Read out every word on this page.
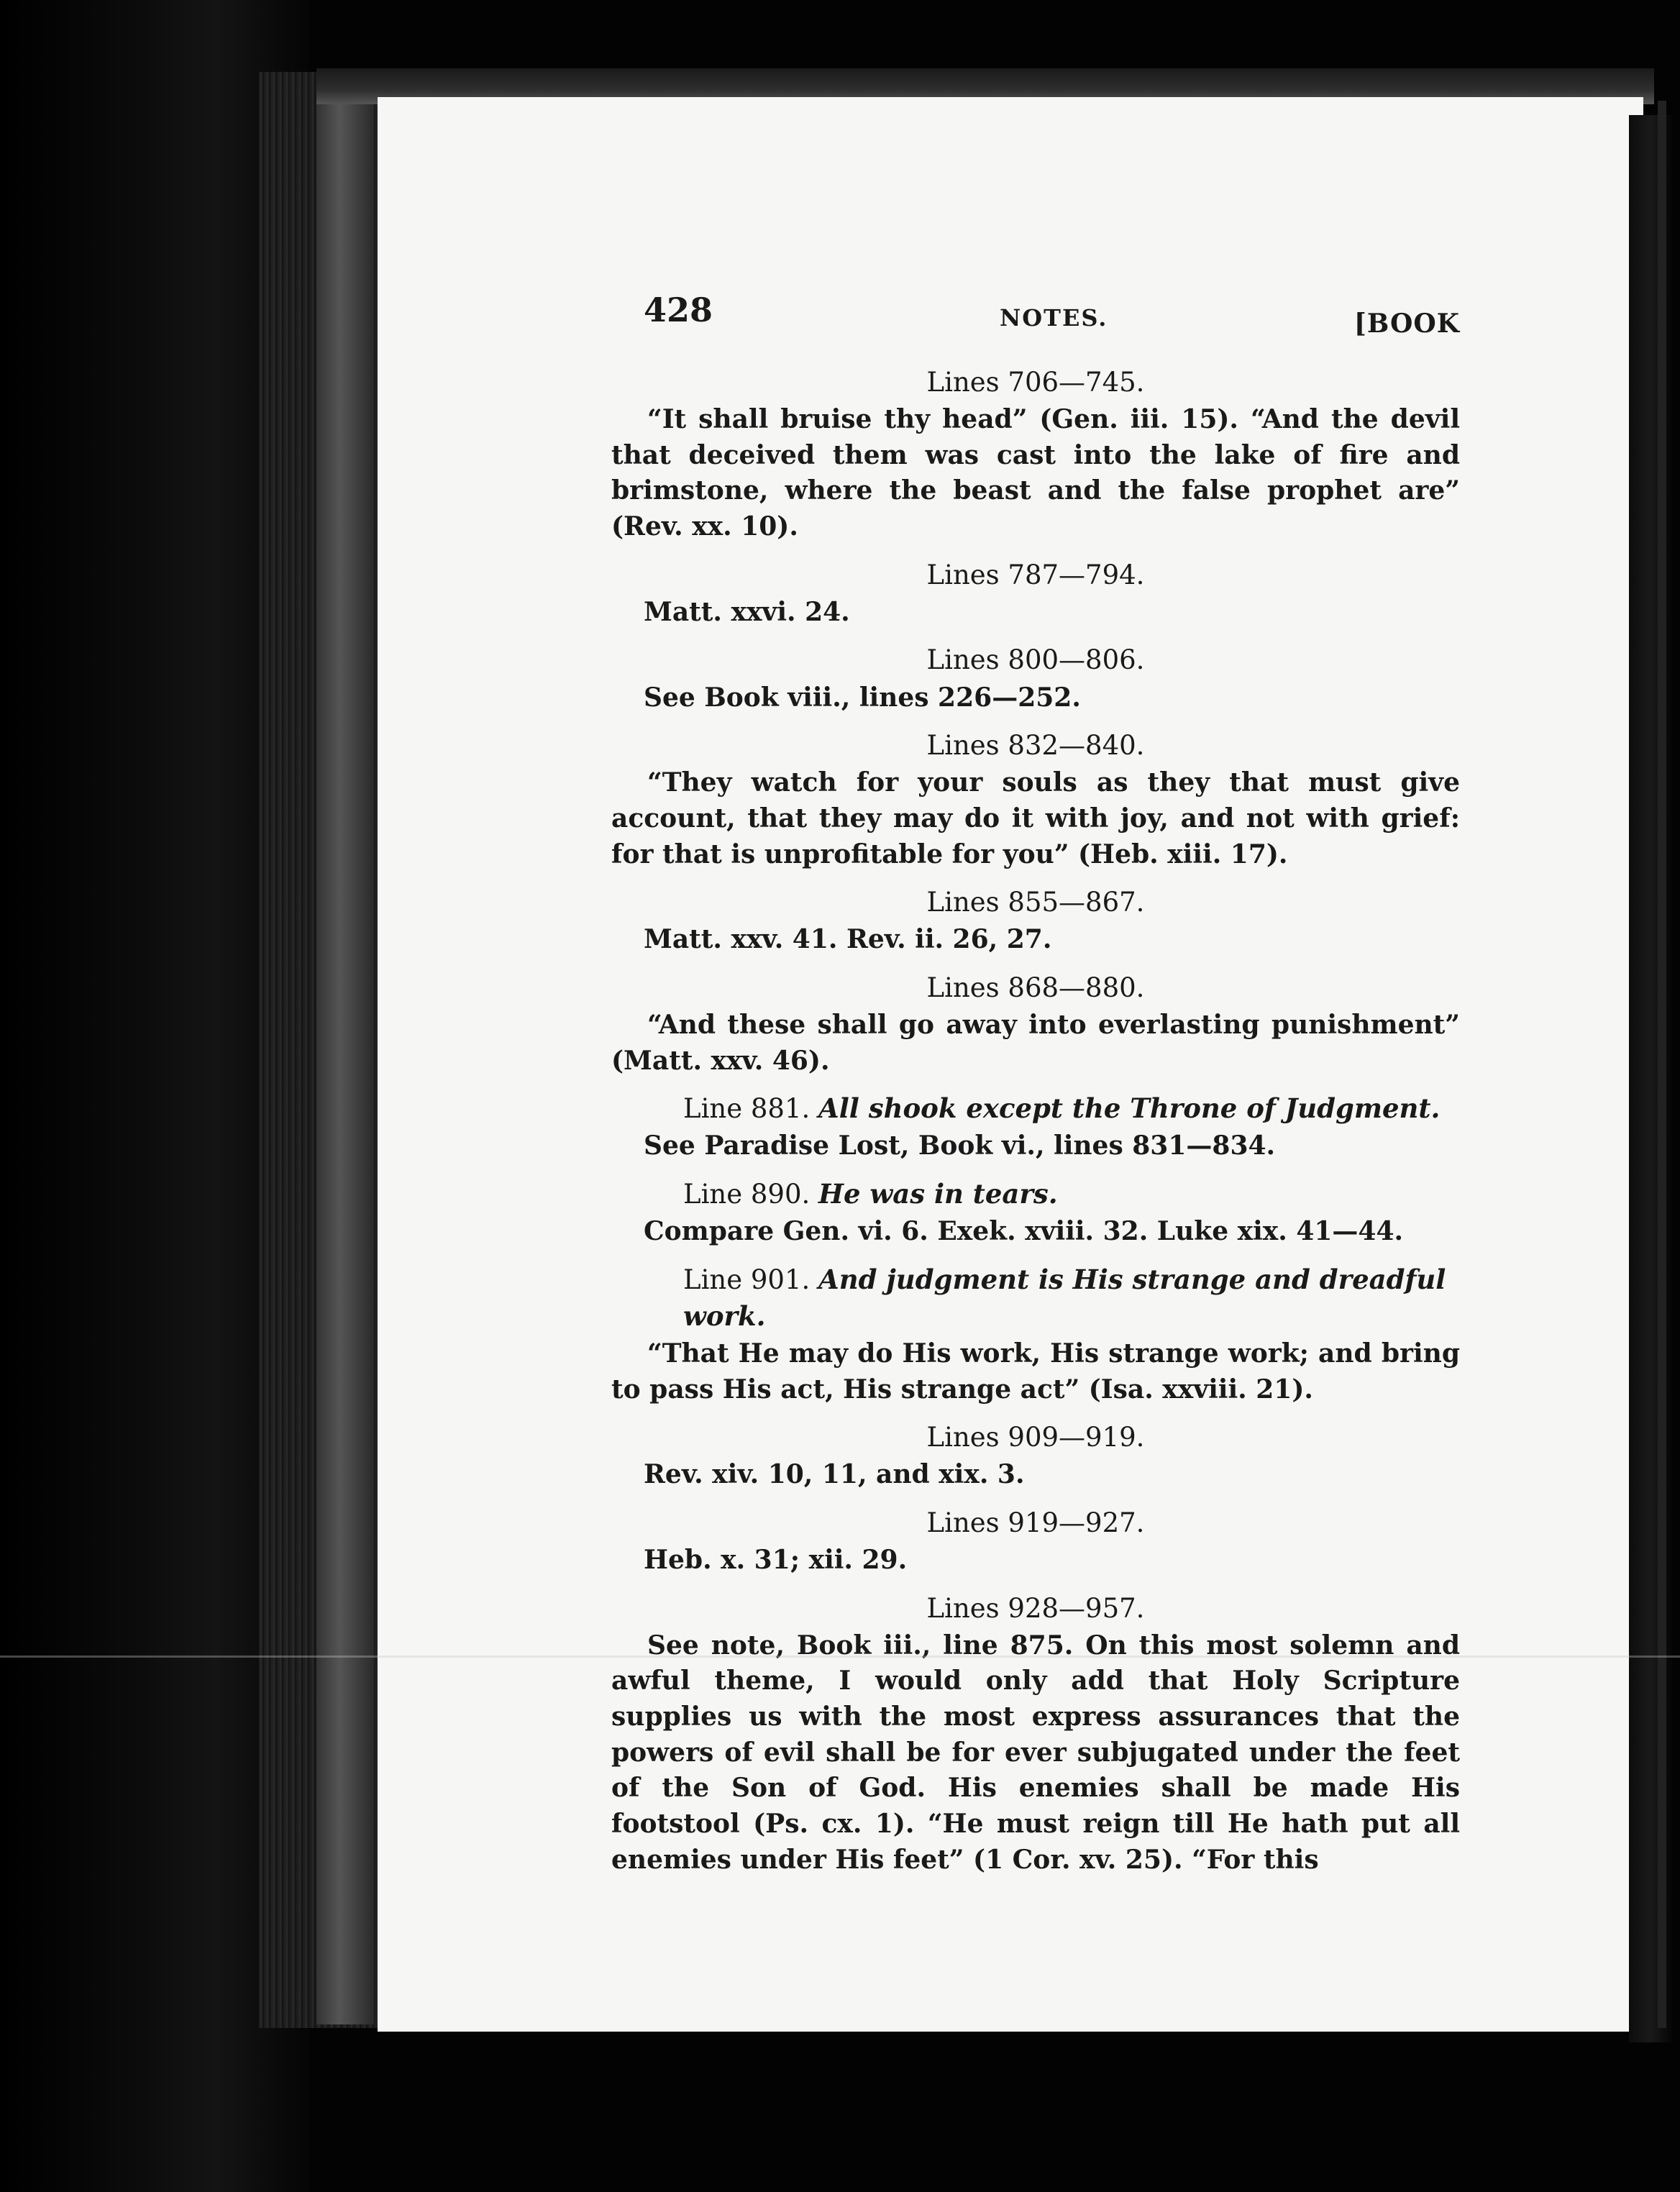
428	NOTES.	[BOOK
Lines 706—745.
“It shall bruise thy head” (Gen. iii. 15). “And the devil that deceived them was cast into the lake of fire and brimstone, where the beast and the false prophet are” (Rev. xx. 10).
Lines 787—794.
Matt. xxvi. 24.
Lines 800—806.
See Book viii., lines 226—252.
Lines 832—840.
“They watch for your souls as they that must give account, that they may do it with joy, and not with grief: for that is unprofitable for you” (Heb. xiii. 17).
Lines 855—867.
Matt. xxv. 41. Rev. ii. 26, 27.
Lines 868—880.
“And these shall go away into everlasting punishment” (Matt. xxv. 46).
Line 881. All shook except the Throne of Judgment.
See Paradise Lost, Book vi., lines 831—834.
Line 890. He was in tears.
Compare Gen. vi. 6. Exek. xviii. 32. Luke xix. 41—44.
Line 901. And judgment is His strange and dreadful work.
“That He may do His work, His strange work; and bring to pass His act, His strange act” (Isa. xxviii. 21).
Lines 909—919.
Rev. xiv. 10, 11, and xix. 3.
Lines 919—927.
Heb. x. 31; xii. 29.
Lines 928—957.
See note, Book iii., line 875. On this most solemn and awful theme, I would only add that Holy Scripture supplies us with the most express assurances that the powers of evil shall be for ever subjugated under the feet of the Son of God. His enemies shall be made His footstool (Ps. cx. 1). “He must reign till He hath put all enemies under His feet” (1 Cor. xv. 25). “For this
